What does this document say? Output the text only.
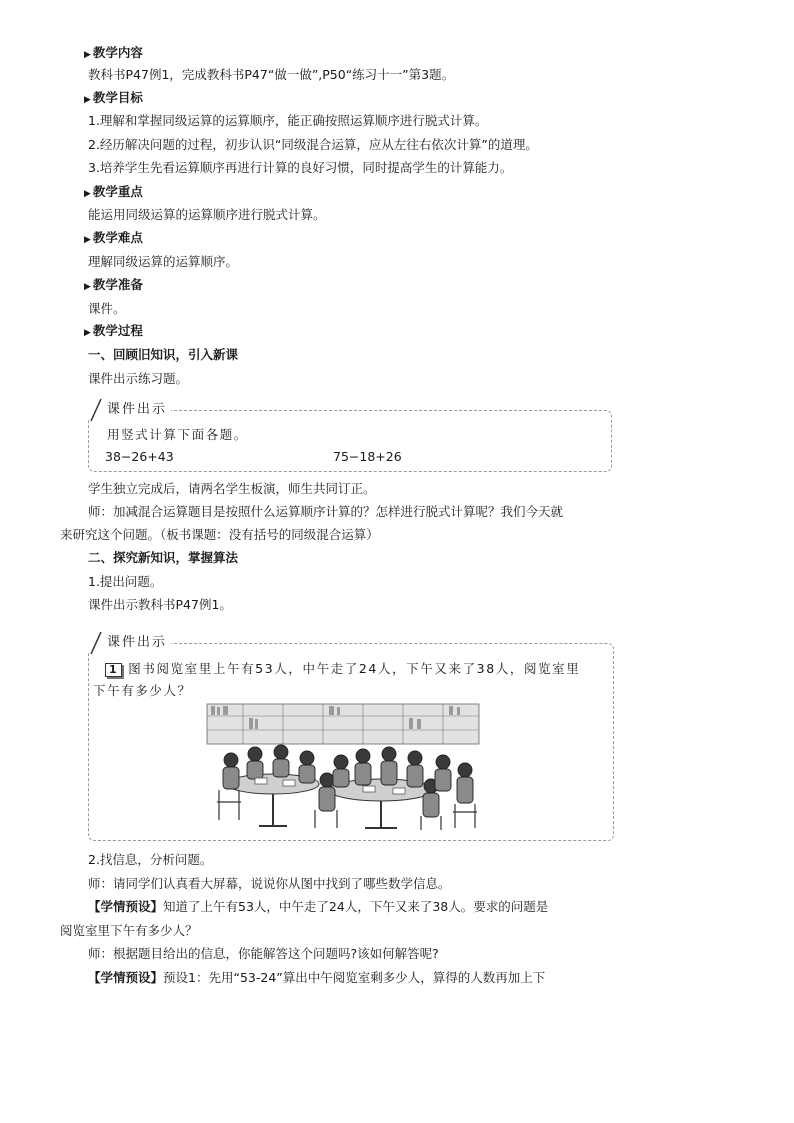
▶ 教学内容
教科书P47例1，完成教科书P47“做一做”,P50“练习十一”第3题。
▶ 教学目标
1.理解和掌握同级运算的运算顺序，能正确按照运算顺序进行脱式计算。
2.经历解决问题的过程，初步认识“同级混合运算，应从左往右依次计算”的道理。
3.培养学生先看运算顺序再进行计算的良好习惯，同时提高学生的计算能力。
▶ 教学重点
能运用同级运算的运算顺序进行脱式计算。
▶ 教学难点
理解同级运算的运算顺序。
▶ 教学准备
课件。
▶ 教学过程
一、回顾旧知识，引入新课
课件出示练习题。
课件出示
用竖式计算下面各题。
38−26+43	75−18+26
学生独立完成后，请两名学生板演，师生共同订正。
师：加减混合运算题目是按照什么运算顺序计算的？怎样进行脱式计算呢？我们今天就
来研究这个问题。（板书课题：没有括号的同级混合运算）
二、探究新知识，掌握算法
1.提出问题。
课件出示教科书P47例1。
课件出示
1 图书阅览室里上午有53人，中午走了24人，下午又来了38人，阅览室里
下午有多少人？
2.找信息，分析问题。
师：请同学们认真看大屏幕，说说你从图中找到了哪些数学信息。
【学情预设】知道了上午有53人，中午走了24人，下午又来了38人。要求的问题是
阅览室里下午有多少人？
师：根据题目给出的信息，你能解答这个问题吗?该如何解答呢?
【学情预设】预设1：先用“53-24”算出中午阅览室剩多少人，算得的人数再加上下
